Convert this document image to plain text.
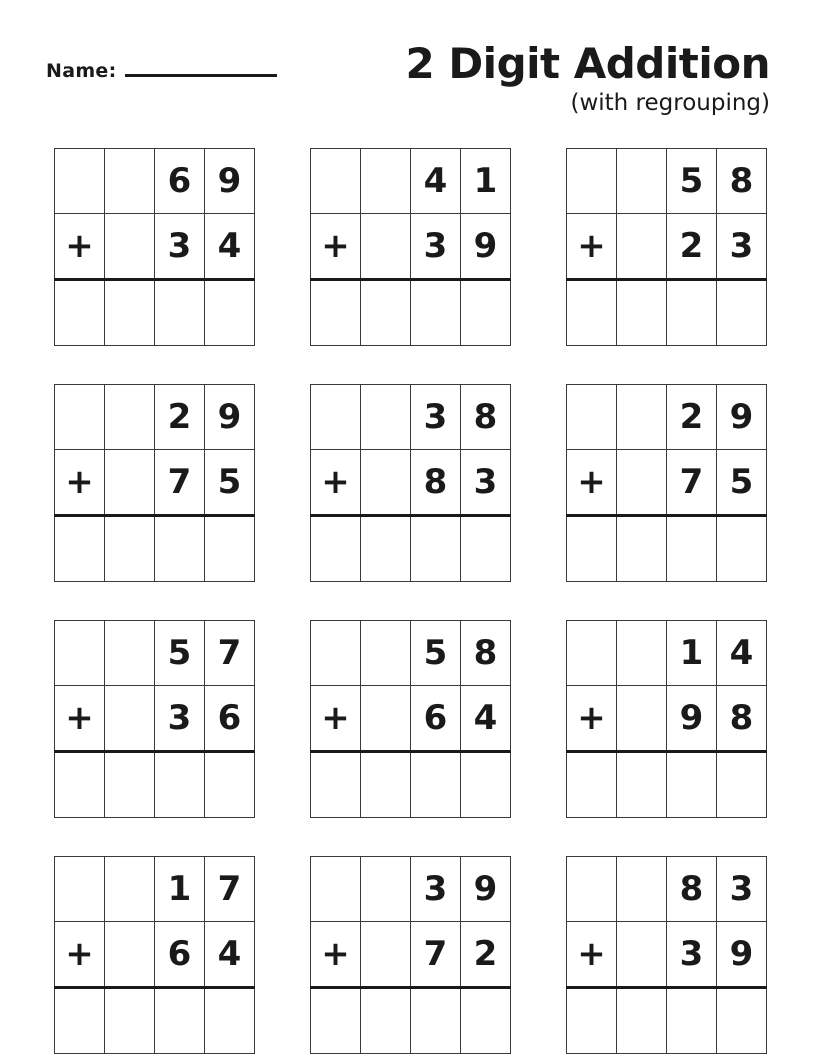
Name:	2 Digit Addition
(with regrouping)
		6	9
+		3	4

		4	1
+		3	9

		5	8
+		2	3

		2	9
+		7	5

		3	8
+		8	3

		2	9
+		7	5

		5	7
+		3	6

		5	8
+		6	4

		1	4
+		9	8

		1	7
+		6	4

		3	9
+		7	2

		8	3
+		3	9
